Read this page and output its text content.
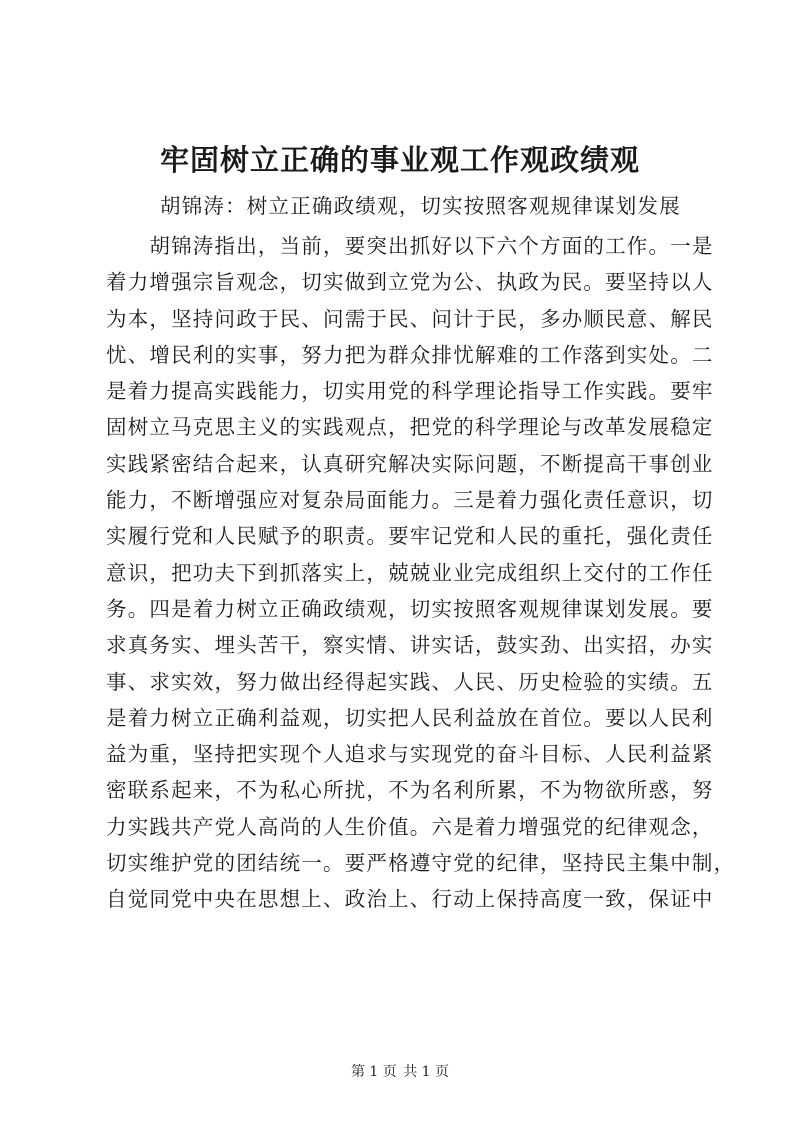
牢固树立正确的事业观工作观政绩观

胡锦涛：树立正确政绩观，切实按照客观规律谋划发展

　　胡锦涛指出，当前，要突出抓好以下六个方面的工作。一是
着力增强宗旨观念，切实做到立党为公、执政为民。要坚持以人
为本，坚持问政于民、问需于民、问计于民，多办顺民意、解民
忧、增民利的实事，努力把为群众排忧解难的工作落到实处。二
是着力提高实践能力，切实用党的科学理论指导工作实践。要牢
固树立马克思主义的实践观点，把党的科学理论与改革发展稳定
实践紧密结合起来，认真研究解决实际问题，不断提高干事创业
能力，不断增强应对复杂局面能力。三是着力强化责任意识，切
实履行党和人民赋予的职责。要牢记党和人民的重托，强化责任
意识，把功夫下到抓落实上，兢兢业业完成组织上交付的工作任
务。四是着力树立正确政绩观，切实按照客观规律谋划发展。要
求真务实、埋头苦干，察实情、讲实话，鼓实劲、出实招，办实
事、求实效，努力做出经得起实践、人民、历史检验的实绩。五
是着力树立正确利益观，切实把人民利益放在首位。要以人民利
益为重，坚持把实现个人追求与实现党的奋斗目标、人民利益紧
密联系起来，不为私心所扰，不为名利所累，不为物欲所惑，努
力实践共产党人高尚的人生价值。六是着力增强党的纪律观念，
切实维护党的团结统一。要严格遵守党的纪律，坚持民主集中制，
自觉同党中央在思想上、政治上、行动上保持高度一致，保证中
第 1 页 共 1 页
